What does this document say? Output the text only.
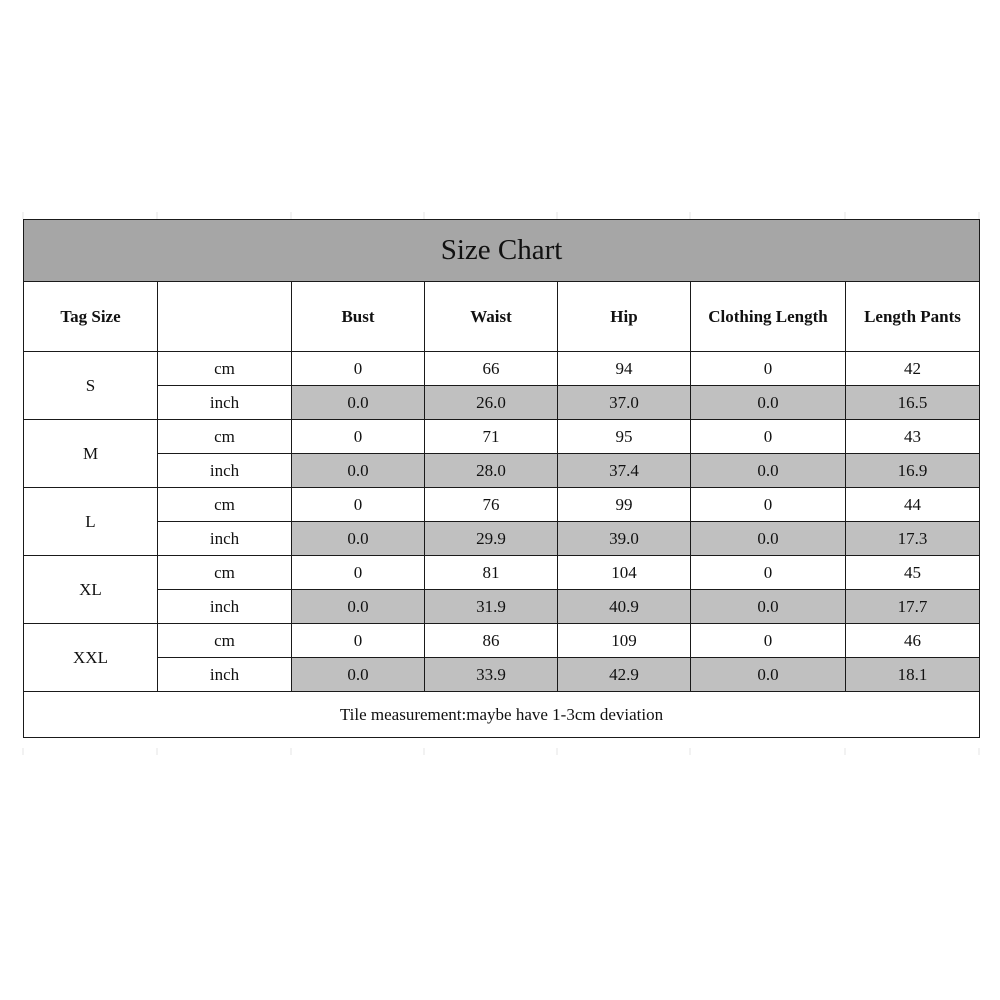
Size Chart						
Tag Size		Bust	Waist	Hip	Clothing Length	Length Pants
S	cm	0	66	94	0	42
	inch	0.0	26.0	37.0	0.0	16.5
M	cm	0	71	95	0	43
	inch	0.0	28.0	37.4	0.0	16.9
L	cm	0	76	99	0	44
	inch	0.0	29.9	39.0	0.0	17.3
XL	cm	0	81	104	0	45
	inch	0.0	31.9	40.9	0.0	17.7
XXL	cm	0	86	109	0	46
	inch	0.0	33.9	42.9	0.0	18.1
Tile measurement:maybe have 1-3cm deviation						
